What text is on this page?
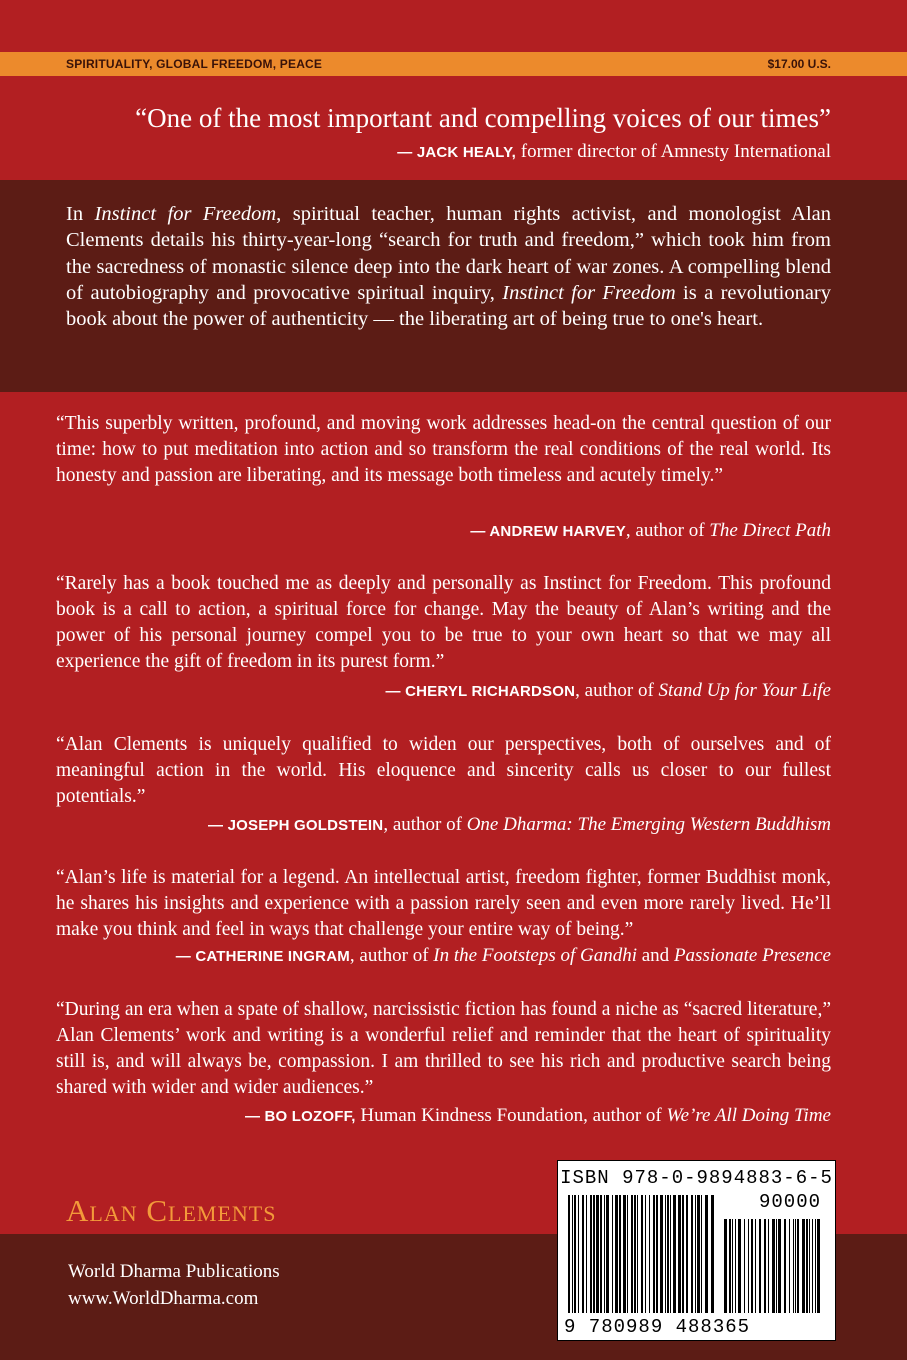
SPIRITUALITY, GLOBAL FREEDOM, PEACE	$17.00 U.S.
“One of the most important and compelling voices of our times”
— JACK HEALY, former director of Amnesty International
In Instinct for Freedom, spiritual teacher, human rights activist, and monologist Alan Clements details his thirty-year-long “search for truth and freedom,” which took him from the sacredness of monastic silence deep into the dark heart of war zones. A compelling blend of autobiography and provocative spiritual inquiry, Instinct for Freedom is a revolutionary book about the power of authenticity — the liberating art of being true to one's heart.
“This superbly written, profound, and moving work addresses head-on the central question of our time: how to put meditation into action and so transform the real conditions of the real world. Its honesty and passion are liberating, and its message both timeless and acutely timely.”
— ANDREW HARVEY, author of The Direct Path
“Rarely has a book touched me as deeply and personally as Instinct for Freedom. This profound book is a call to action, a spiritual force for change. May the beauty of Alan’s writing and the power of his personal journey compel you to be true to your own heart so that we may all experience the gift of freedom in its purest form.”
— CHERYL RICHARDSON, author of Stand Up for Your Life
“Alan Clements is uniquely qualified to widen our perspectives, both of ourselves and of meaningful action in the world. His eloquence and sincerity calls us closer to our fullest potentials.”
— JOSEPH GOLDSTEIN, author of One Dharma: The Emerging Western Buddhism
“Alan’s life is material for a legend. An intellectual artist, freedom fighter, former Buddhist monk, he shares his insights and experience with a passion rarely seen and even more rarely lived. He’ll make you think and feel in ways that challenge your entire way of being.”
— CATHERINE INGRAM, author of In the Footsteps of Gandhi and Passionate Presence
“During an era when a spate of shallow, narcissistic fiction has found a niche as “sacred literature,” Alan Clements’ work and writing is a wonderful relief and reminder that the heart of spirituality still is, and will always be, compassion. I am thrilled to see his rich and productive search being shared with wider and wider audiences.”
— BO LOZOFF, Human Kindness Foundation, author of We’re All Doing Time
Alan Clements
World Dharma Publications
www.WorldDharma.com
ISBN 978-0-9894883-6-5
90000
9 780989 488365
